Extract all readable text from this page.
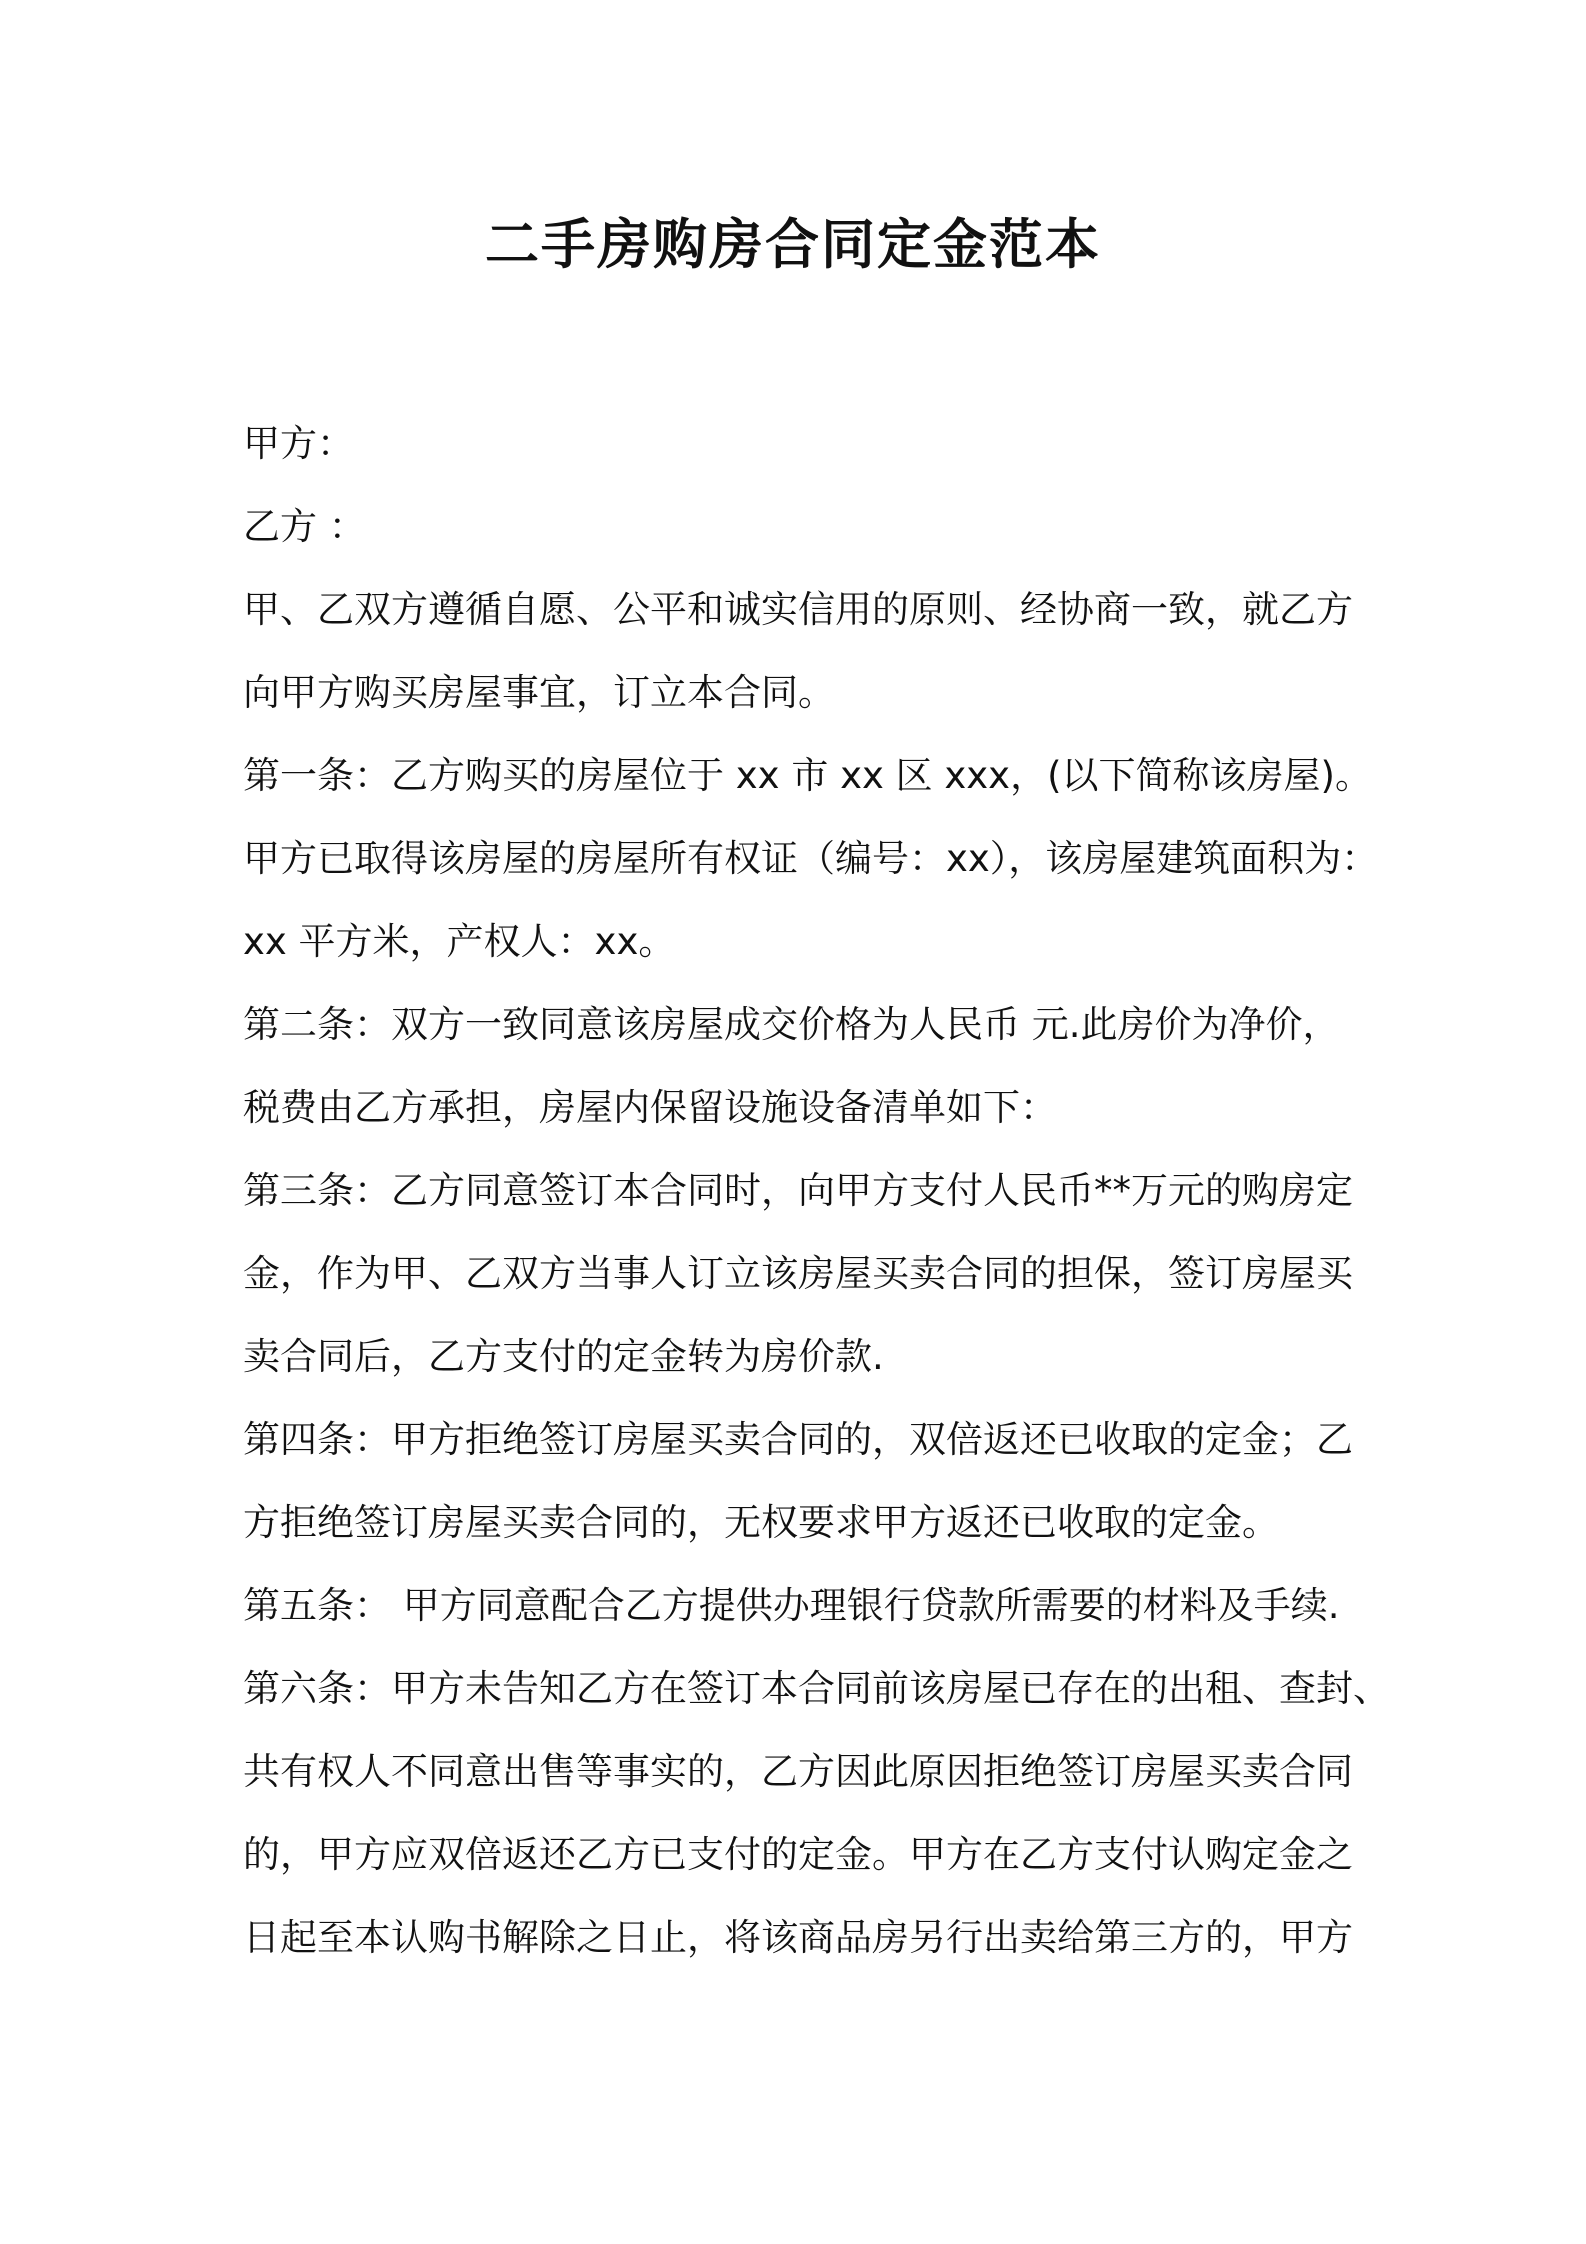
二手房购房合同定金范本
甲方：
乙方 ：
甲、乙双方遵循自愿、公平和诚实信用的原则、经协商一致，就乙方
向甲方购买房屋事宜，订立本合同。
第一条：乙方购买的房屋位于 xx 市 xx 区 xxx，(以下简称该房屋)。
甲方已取得该房屋的房屋所有权证（编号：xx），该房屋建筑面积为：
xx 平方米，产权人：xx。
第二条：双方一致同意该房屋成交价格为人民币 元.此房价为净价，
税费由乙方承担，房屋内保留设施设备清单如下：
第三条：乙方同意签订本合同时，向甲方支付人民币**万元的购房定
金，作为甲、乙双方当事人订立该房屋买卖合同的担保，签订房屋买
卖合同后，乙方支付的定金转为房价款.
第四条：甲方拒绝签订房屋买卖合同的，双倍返还已收取的定金；乙
方拒绝签订房屋买卖合同的，无权要求甲方返还已收取的定金。
第五条： 甲方同意配合乙方提供办理银行贷款所需要的材料及手续.
第六条：甲方未告知乙方在签订本合同前该房屋已存在的出租、查封、
共有权人不同意出售等事实的，乙方因此原因拒绝签订房屋买卖合同
的，甲方应双倍返还乙方已支付的定金。甲方在乙方支付认购定金之
日起至本认购书解除之日止，将该商品房另行出卖给第三方的，甲方
